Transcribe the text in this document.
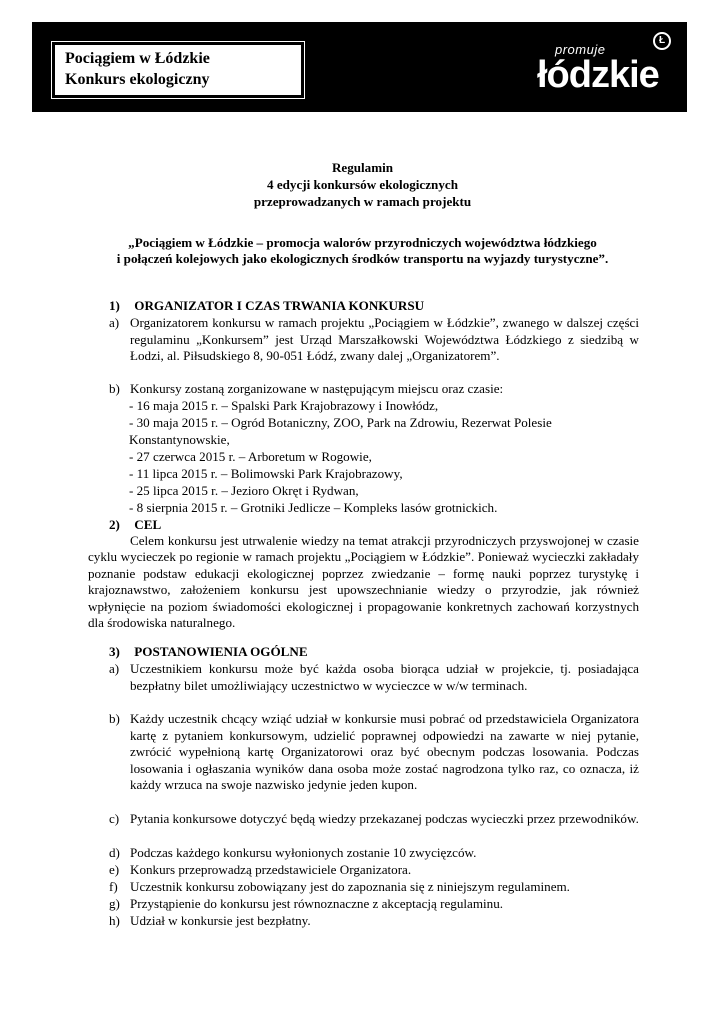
Pociągiem w Łódzkie
Konkurs ekologiczny
Ł
promuje
łódzkie
Regulamin
4 edycji konkursów ekologicznych
przeprowadzanych w ramach projektu
„Pociągiem w Łódzkie – promocja walorów przyrodniczych województwa łódzkiego
i połączeń kolejowych jako ekologicznych środków transportu na wyjazdy turystyczne”.
1) ORGANIZATOR I CZAS TRWANIA KONKURSU
a) Organizatorem konkursu w ramach projektu „Pociągiem w Łódzkie”, zwanego w dalszej części regulaminu „Konkursem” jest Urząd Marszałkowski Województwa Łódzkiego z siedzibą w Łodzi, al. Piłsudskiego 8, 90-051 Łódź, zwany dalej „Organizatorem”.
b) Konkursy zostaną zorganizowane w następującym miejscu oraz czasie:
- 16 maja 2015 r. – Spalski Park Krajobrazowy i Inowłódz,
- 30 maja 2015 r. – Ogród Botaniczny, ZOO, Park na Zdrowiu, Rezerwat Polesie
Konstantynowskie,
- 27 czerwca 2015 r. – Arboretum w Rogowie,
- 11 lipca 2015 r. – Bolimowski Park Krajobrazowy,
- 25 lipca 2015 r. – Jezioro Okręt i Rydwan,
- 8 sierpnia 2015 r. – Grotniki Jedlicze – Kompleks lasów grotnickich.
2) CEL
Celem konkursu jest utrwalenie wiedzy na temat atrakcji przyrodniczych przyswojonej w czasie cyklu wycieczek po regionie w ramach projektu „Pociągiem w Łódzkie”. Ponieważ wycieczki zakładały poznanie podstaw edukacji ekologicznej poprzez zwiedzanie – formę nauki poprzez turystykę i krajoznawstwo, założeniem konkursu jest upowszechnianie wiedzy o przyrodzie, jak również wpłynięcie na poziom świadomości ekologicznej i propagowanie konkretnych zachowań korzystnych dla środowiska naturalnego.
3) POSTANOWIENIA OGÓLNE
a) Uczestnikiem konkursu może być każda osoba biorąca udział w projekcie, tj. posiadająca bezpłatny bilet umożliwiający uczestnictwo w wycieczce w w/w terminach.
b) Każdy uczestnik chcący wziąć udział w konkursie musi pobrać od przedstawiciela Organizatora kartę z pytaniem konkursowym, udzielić poprawnej odpowiedzi na zawarte w niej pytanie, zwrócić wypełnioną kartę Organizatorowi oraz być obecnym podczas losowania. Podczas losowania i ogłaszania wyników dana osoba może zostać nagrodzona tylko raz, co oznacza, iż każdy wrzuca na swoje nazwisko jedynie jeden kupon.
c) Pytania konkursowe dotyczyć będą wiedzy przekazanej podczas wycieczki przez przewodników.
d) Podczas każdego konkursu wyłonionych zostanie 10 zwycięzców.
e) Konkurs przeprowadzą przedstawiciele Organizatora.
f) Uczestnik konkursu zobowiązany jest do zapoznania się z niniejszym regulaminem.
g) Przystąpienie do konkursu jest równoznaczne z akceptacją regulaminu.
h) Udział w konkursie jest bezpłatny.
